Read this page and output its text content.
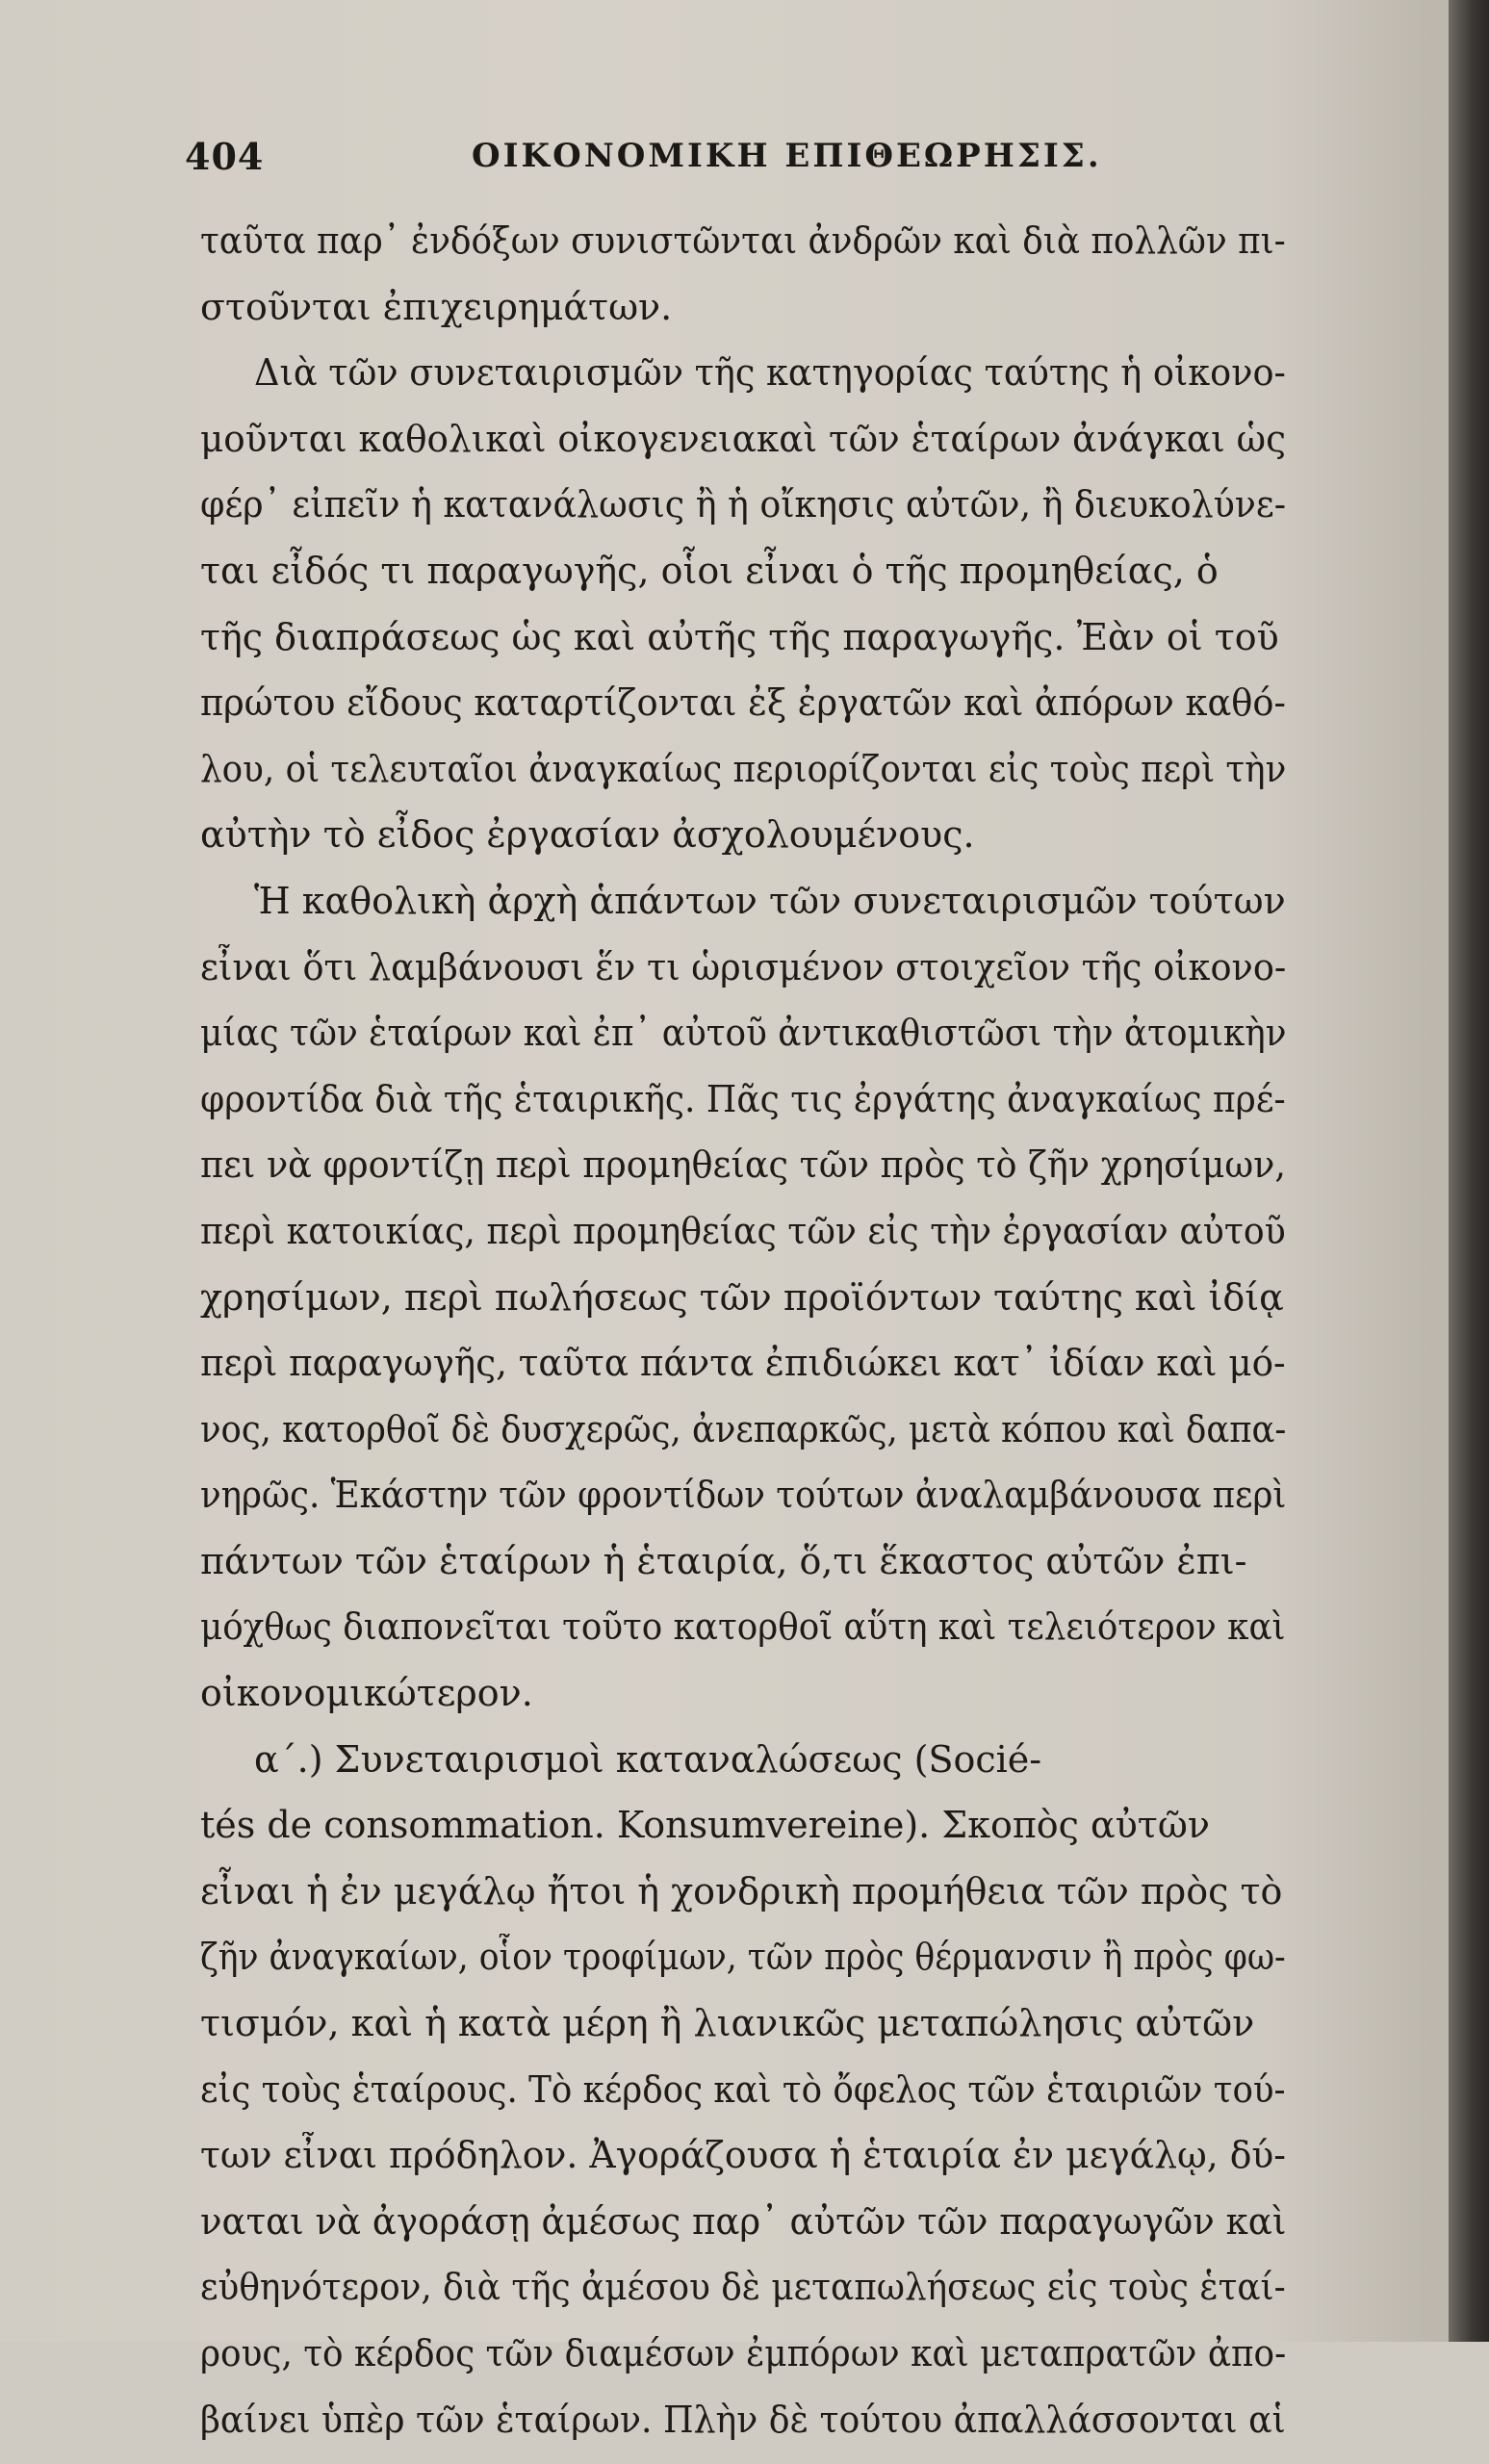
404	ΟΙΚΟΝΟΜΙΚΗ ΕΠΙΘΕΩΡΗΣΙΣ.
ταῦτα παρ᾽ ἐνδόξων συνιστῶνται ἀνδρῶν καὶ διὰ πολλῶν πι-
στοῦνται ἐπιχειρημάτων.
Διὰ τῶν συνεταιρισμῶν τῆς κατηγορίας ταύτης ἡ οἰκονο-
μοῦνται καθολικαὶ οἰκογενειακαὶ τῶν ἑταίρων ἀνάγκαι ὡς
φέρ᾽ εἰπεῖν ἡ κατανάλωσις ἢ ἡ οἴκησις αὐτῶν, ἢ διευκολύνε-
ται εἶδός τι παραγωγῆς, οἷοι εἶναι ὁ τῆς προμηθείας, ὁ
τῆς διαπράσεως ὡς καὶ αὐτῆς τῆς παραγωγῆς. Ἐὰν οἱ τοῦ
πρώτου εἴδους καταρτίζονται ἐξ ἐργατῶν καὶ ἀπόρων καθό-
λου, οἱ τελευταῖοι ἀναγκαίως περιορίζονται εἰς τοὺς περὶ τὴν
αὐτὴν τὸ εἶδος ἐργασίαν ἀσχολουμένους.
Ἡ καθολικὴ ἀρχὴ ἁπάντων τῶν συνεταιρισμῶν τούτων
εἶναι ὅτι λαμβάνουσι ἕν τι ὡρισμένον στοιχεῖον τῆς οἰκονο-
μίας τῶν ἑταίρων καὶ ἐπ᾽ αὐτοῦ ἀντικαθιστῶσι τὴν ἀτομικὴν
φροντίδα διὰ τῆς ἑταιρικῆς. Πᾶς τις ἐργάτης ἀναγκαίως πρέ-
πει νὰ φροντίζῃ περὶ προμηθείας τῶν πρὸς τὸ ζῆν χρησίμων,
περὶ κατοικίας, περὶ προμηθείας τῶν εἰς τὴν ἐργασίαν αὐτοῦ
χρησίμων, περὶ πωλήσεως τῶν προϊόντων ταύτης καὶ ἰδίᾳ
περὶ παραγωγῆς, ταῦτα πάντα ἐπιδιώκει κατ᾽ ἰδίαν καὶ μό-
νος, κατορθοῖ δὲ δυσχερῶς, ἀνεπαρκῶς, μετὰ κόπου καὶ δαπα-
νηρῶς. Ἑκάστην τῶν φροντίδων τούτων ἀναλαμβάνουσα περὶ
πάντων τῶν ἑταίρων ἡ ἑταιρία, ὅ,τι ἕκαστος αὐτῶν ἐπι-
μόχθως διαπονεῖται τοῦτο κατορθοῖ αὕτη καὶ τελειότερον καὶ
οἰκονομικώτερον.
α΄.) Συνεταιρισμοὶ καταναλώσεως (Socié-
tés de consommation. Konsumvereine). Σκοπὸς αὐτῶν
εἶναι ἡ ἐν μεγάλῳ ἤτοι ἡ χονδρικὴ προμήθεια τῶν πρὸς τὸ
ζῆν ἀναγκαίων, οἷον τροφίμων, τῶν πρὸς θέρμανσιν ἢ πρὸς φω-
τισμόν, καὶ ἡ κατὰ μέρη ἢ λιανικῶς μεταπώλησις αὐτῶν
εἰς τοὺς ἑταίρους. Τὸ κέρδος καὶ τὸ ὄφελος τῶν ἑταιριῶν τού-
των εἶναι πρόδηλον. Ἀγοράζουσα ἡ ἑταιρία ἐν μεγάλῳ, δύ-
ναται νὰ ἀγοράσῃ ἀμέσως παρ᾽ αὐτῶν τῶν παραγωγῶν καὶ
εὐθηνότερον, διὰ τῆς ἀμέσου δὲ μεταπωλήσεως εἰς τοὺς ἑταί-
ρους, τὸ κέρδος τῶν διαμέσων ἐμπόρων καὶ μεταπρατῶν ἀπο-
βαίνει ὑπὲρ τῶν ἑταίρων. Πλὴν δὲ τούτου ἀπαλλάσσονται αἱ
